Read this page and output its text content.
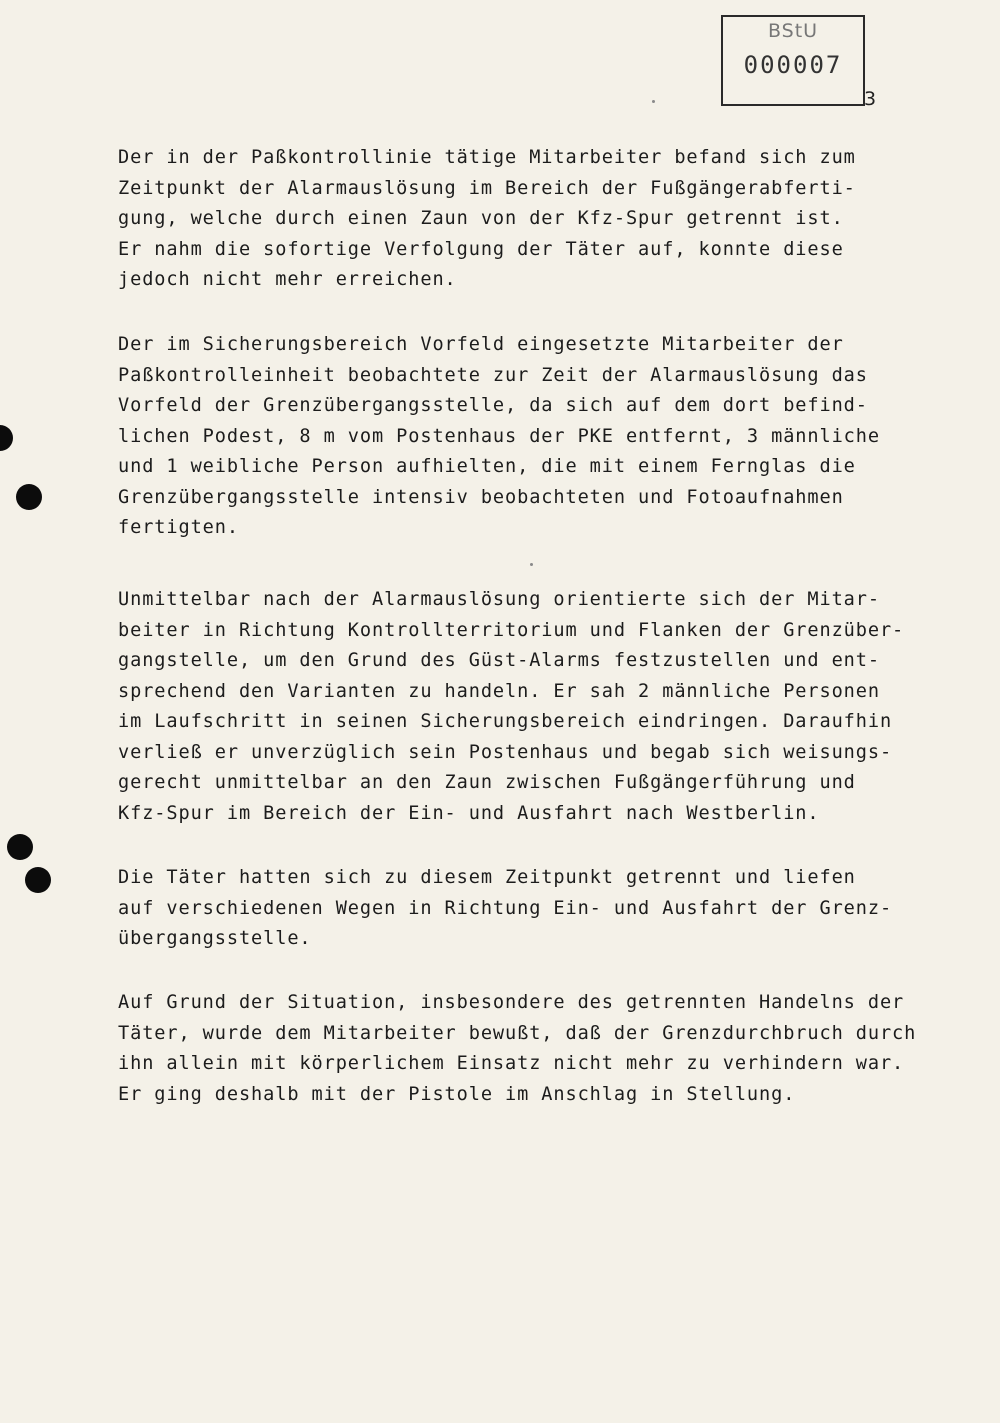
BStU
000007
3
Der in der Paßkontrollinie tätige Mitarbeiter befand sich zum
Zeitpunkt der Alarmauslösung im Bereich der Fußgängerabferti-
gung, welche durch einen Zaun von der Kfz-Spur getrennt ist.
Er nahm die sofortige Verfolgung der Täter auf, konnte diese
jedoch nicht mehr erreichen.
Der im Sicherungsbereich Vorfeld eingesetzte Mitarbeiter der
Paßkontrolleinheit beobachtete zur Zeit der Alarmauslösung das
Vorfeld der Grenzübergangsstelle, da sich auf dem dort befind-
lichen Podest, 8 m vom Postenhaus der PKE entfernt, 3 männliche
und 1 weibliche Person aufhielten, die mit einem Fernglas die
Grenzübergangsstelle intensiv beobachteten und Fotoaufnahmen
fertigten.
Unmittelbar nach der Alarmauslösung orientierte sich der Mitar-
beiter in Richtung Kontrollterritorium und Flanken der Grenzüber-
gangstelle, um den Grund des Güst-Alarms festzustellen und ent-
sprechend den Varianten zu handeln. Er sah 2 männliche Personen
im Laufschritt in seinen Sicherungsbereich eindringen. Daraufhin
verließ er unverzüglich sein Postenhaus und begab sich weisungs-
gerecht unmittelbar an den Zaun zwischen Fußgängerführung und
Kfz-Spur im Bereich der Ein- und Ausfahrt nach Westberlin.
Die Täter hatten sich zu diesem Zeitpunkt getrennt und liefen
auf verschiedenen Wegen in Richtung Ein- und Ausfahrt der Grenz-
übergangsstelle.
Auf Grund der Situation, insbesondere des getrennten Handelns der
Täter, wurde dem Mitarbeiter bewußt, daß der Grenzdurchbruch durch
ihn allein mit körperlichem Einsatz nicht mehr zu verhindern war.
Er ging deshalb mit der Pistole im Anschlag in Stellung.
